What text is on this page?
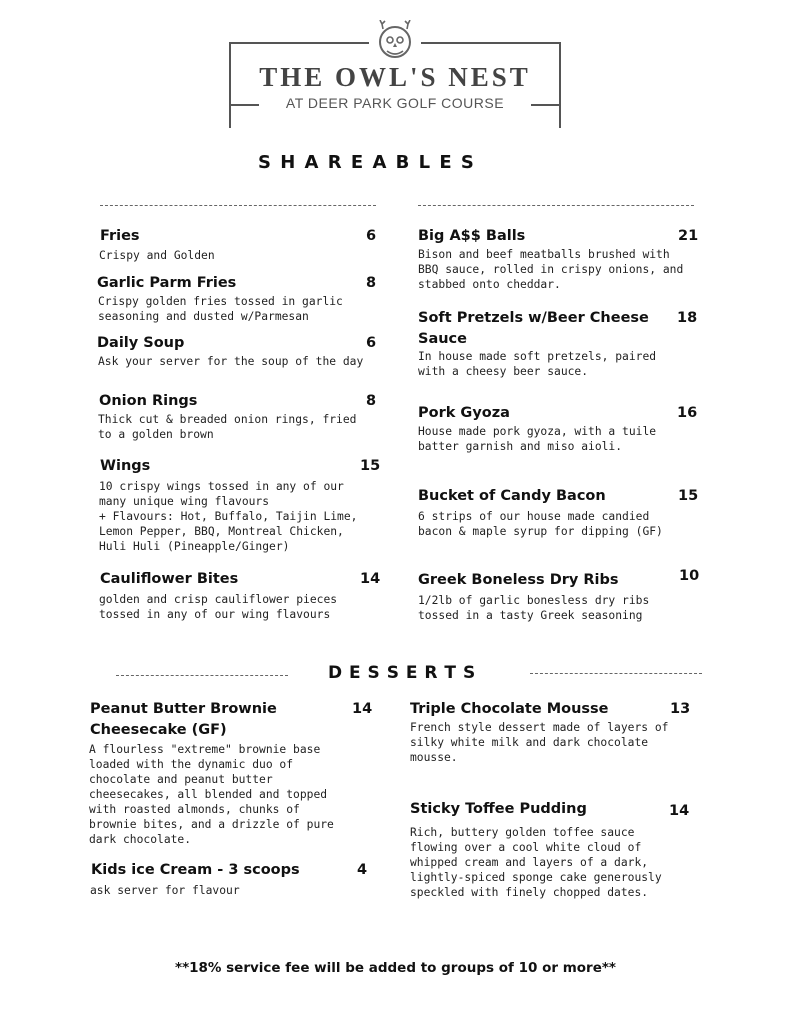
THE OWL'S NEST
AT DEER PARK GOLF COURSE
S H A R E A B L E S
Fries	6
Crispy and Golden
Garlic Parm Fries	8
Crispy golden fries tossed in garlic
seasoning and dusted w/Parmesan
Daily Soup	6
Ask your server for the soup of the day
Onion Rings	8
Thick cut & breaded onion rings, fried
to a golden brown
Wings	15
10 crispy wings tossed in any of our
many unique wing flavours
+ Flavours: Hot, Buffalo, Taijin Lime,
Lemon Pepper, BBQ, Montreal Chicken,
Huli Huli (Pineapple/Ginger)
Cauliflower Bites	14
golden and crisp cauliflower pieces
tossed in any of our wing flavours
Big A$$ Balls	21
Bison and beef meatballs brushed with
BBQ sauce, rolled in crispy onions, and
stabbed onto cheddar.
Soft Pretzels w/Beer Cheese
Sauce
18
In house made soft pretzels, paired
with a cheesy beer sauce.
Pork Gyoza	16
House made pork gyoza, with a tuile
batter garnish and miso aioli.
Bucket of Candy Bacon	15
6 strips of our house made candied
bacon & maple syrup for dipping (GF)
Greek Boneless Dry Ribs	10
1/2lb of garlic bonesless dry ribs
tossed in a tasty Greek seasoning
D E S S E R T S
Peanut Butter Brownie
Cheesecake (GF)
14
A flourless "extreme" brownie base
loaded with the dynamic duo of
chocolate and peanut butter
cheesecakes, all blended and topped
with roasted almonds, chunks of
brownie bites, and a drizzle of pure
dark chocolate.
Kids ice Cream - 3 scoops	4
ask server for flavour
Triple Chocolate Mousse	13
French style dessert made of layers of
silky white milk and dark chocolate
mousse.
Sticky Toffee Pudding	14
Rich, buttery golden toffee sauce
flowing over a cool white cloud of
whipped cream and layers of a dark,
lightly-spiced sponge cake generously
speckled with finely chopped dates.
**18% service fee will be added to groups of 10 or more**
